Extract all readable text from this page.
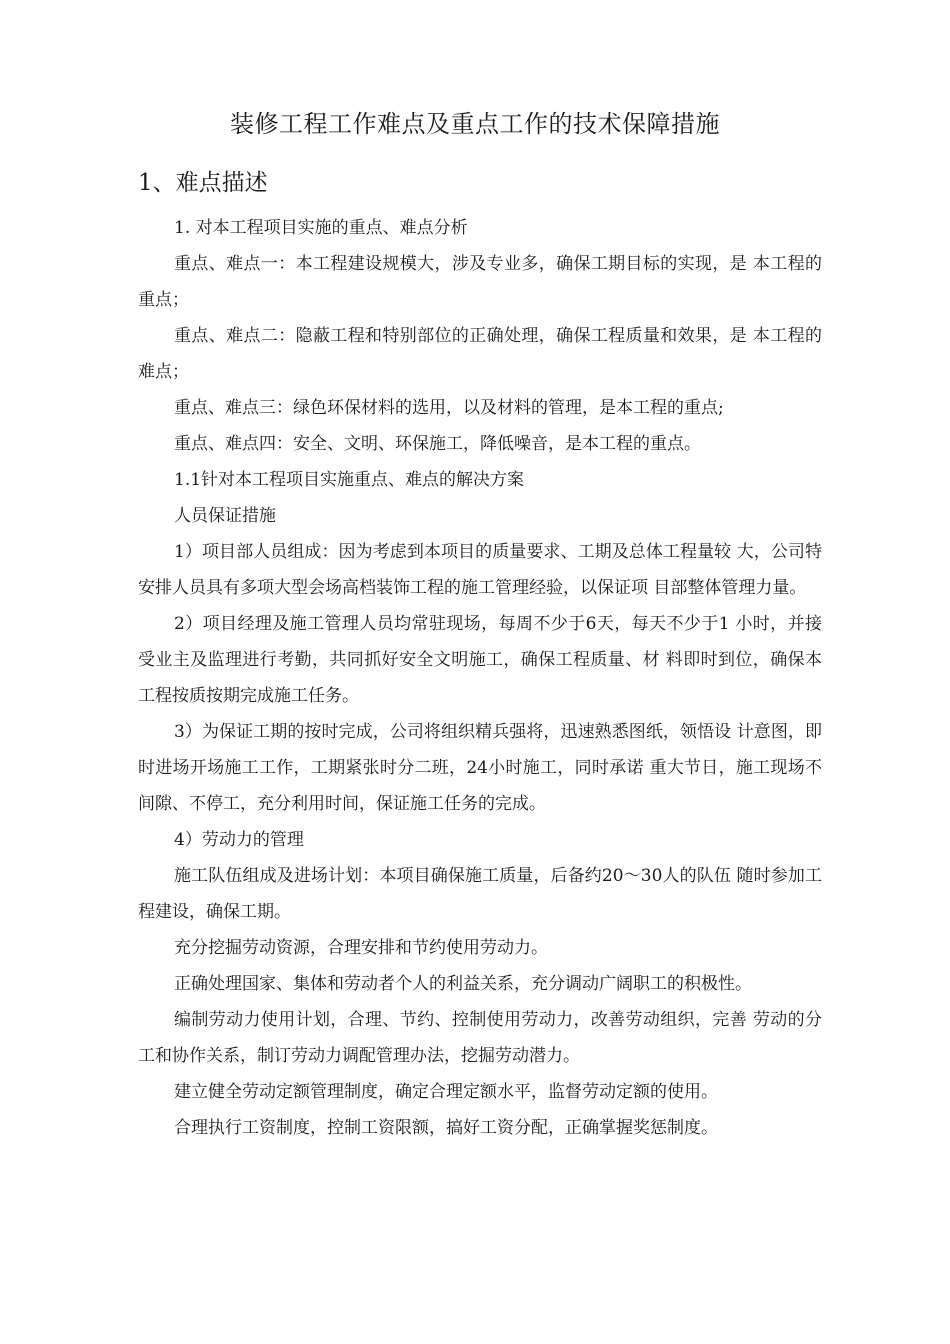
装修工程工作难点及重点工作的技术保障措施
1、难点描述

1. 对本工程项目实施的重点、难点分析

重点、难点一：本工程建设规模大，涉及专业多，确保工期目标的实现，是 本工程的重点；

重点、难点二：隐蔽工程和特别部位的正确处理，确保工程质量和效果，是 本工程的难点；

重点、难点三：绿色环保材料的选用，以及材料的管理，是本工程的重点;

重点、难点四：安全、文明、环保施工，降低噪音，是本工程的重点。

1.1针对本工程项目实施重点、难点的解决方案

人员保证措施

1）项目部人员组成：因为考虑到本项目的质量要求、工期及总体工程量较 大，公司特安排人员具有多项大型会场高档装饰工程的施工管理经验，以保证项 目部整体管理力量。

2）项目经理及施工管理人员均常驻现场，每周不少于6天，每天不少于1 小时，并接受业主及监理进行考勤，共同抓好安全文明施工，确保工程质量、材 料即时到位，确保本工程按质按期完成施工任务。

3）为保证工期的按时完成，公司将组织精兵强将，迅速熟悉图纸，领悟设 计意图，即时进场开场施工工作，工期紧张时分二班，24小时施工，同时承诺 重大节日，施工现场不间隙、不停工，充分利用时间，保证施工任务的完成。

4）劳动力的管理

施工队伍组成及进场计划：本项目确保施工质量，后备约20〜30人的队伍 随时参加工程建设，确保工期。

充分挖掘劳动资源，合理安排和节约使用劳动力。

正确处理国家、集体和劳动者个人的利益关系，充分调动广阔职工的积极性。

编制劳动力使用计划，合理、节约、控制使用劳动力，改善劳动组织，完善 劳动的分工和协作关系，制订劳动力调配管理办法，挖掘劳动潜力。

建立健全劳动定额管理制度，确定合理定额水平，监督劳动定额的使用。

合理执行工资制度，控制工资限额，搞好工资分配，正确掌握奖惩制度。
